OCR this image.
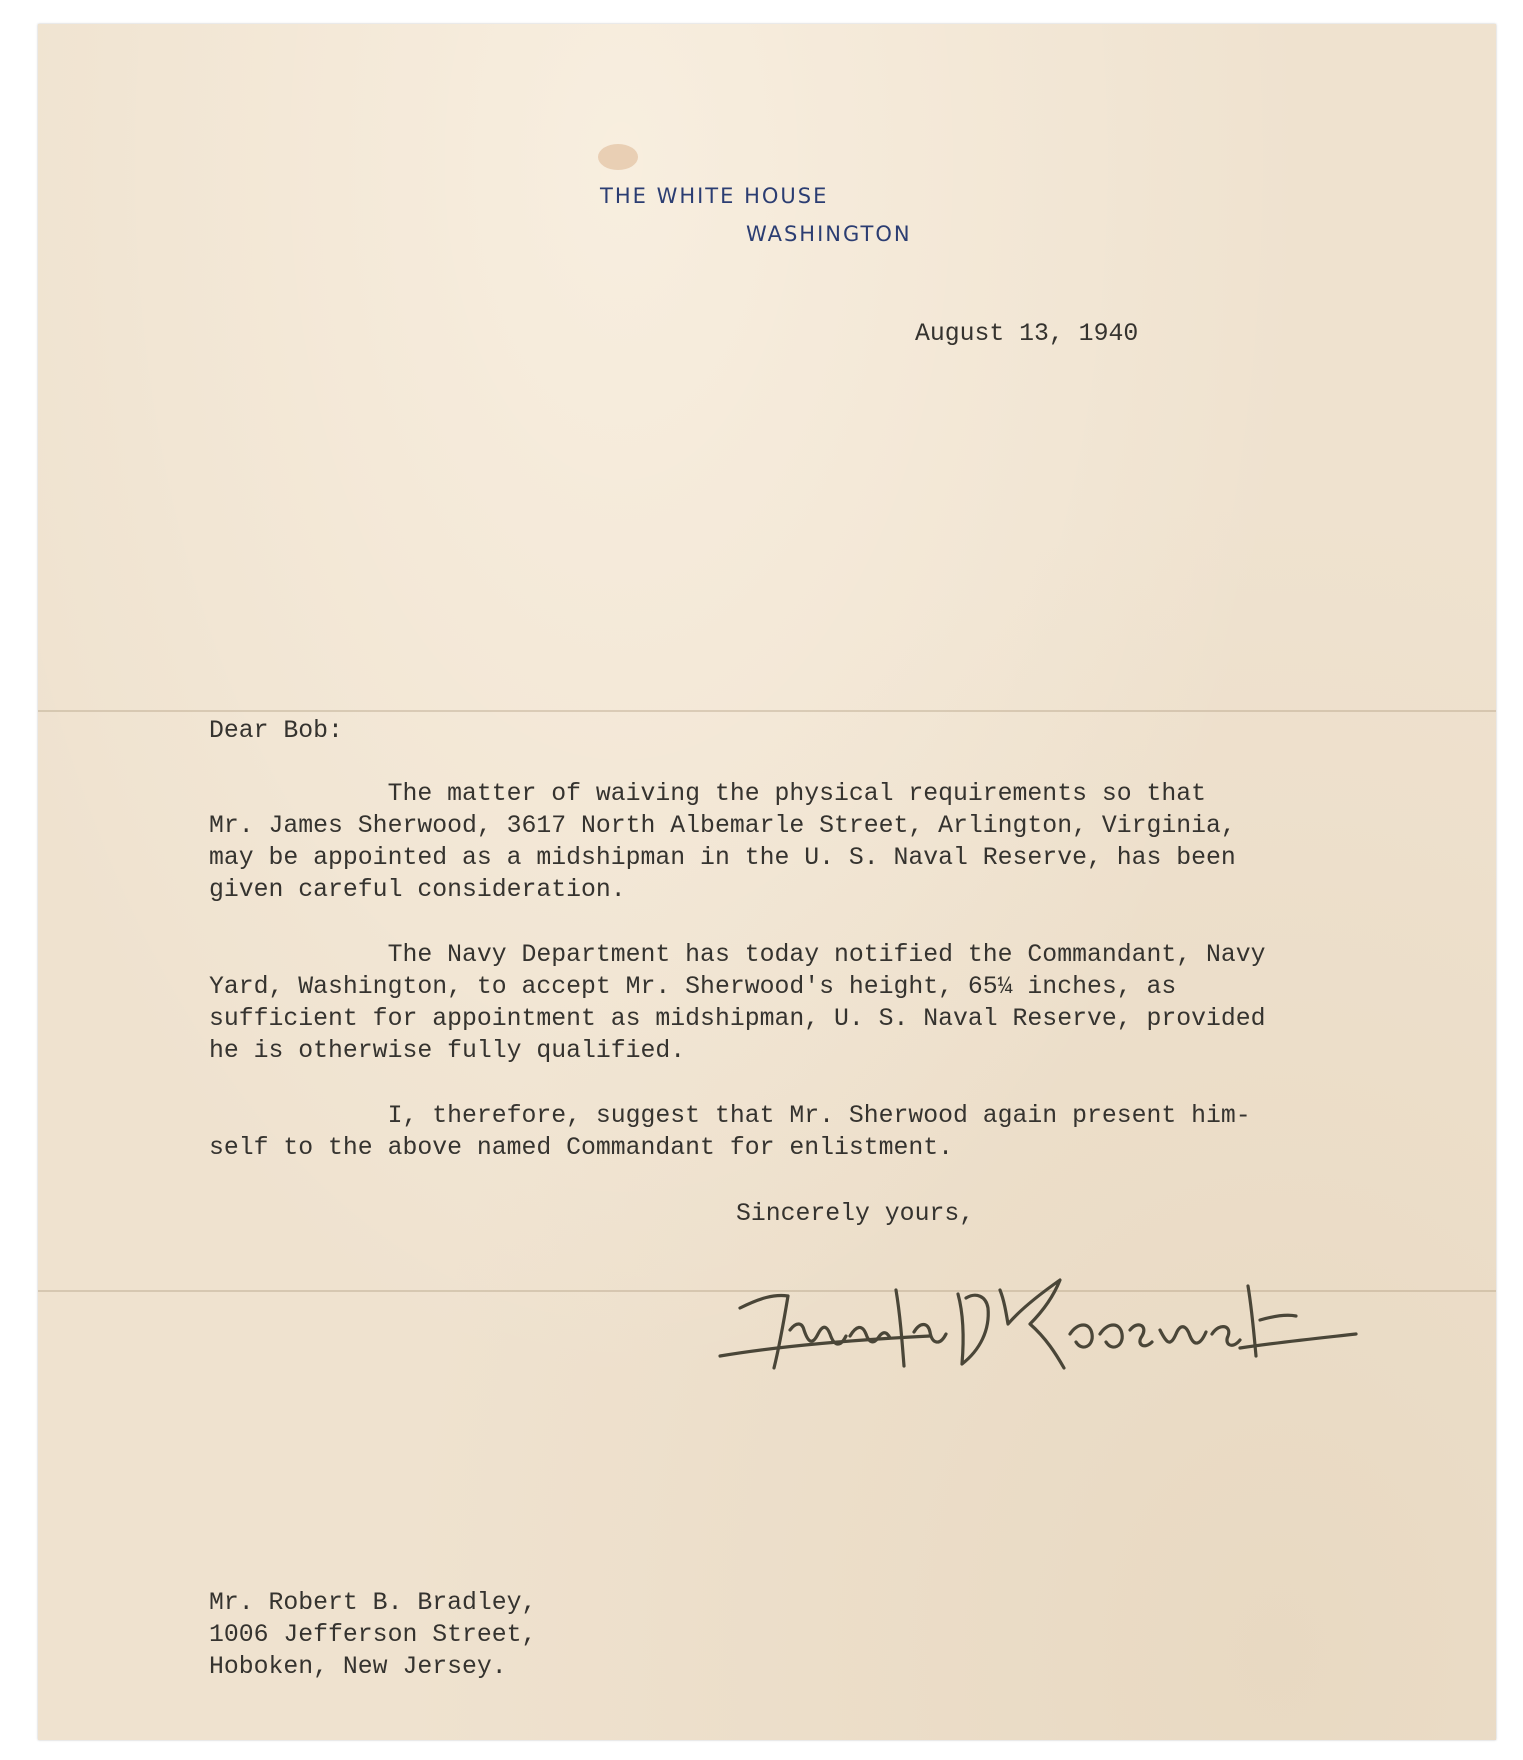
THE WHITE HOUSE
WASHINGTON
August 13, 1940
Dear Bob:
The matter of waiving the physical requirements so that
Mr. James Sherwood, 3617 North Albemarle Street, Arlington, Virginia,
may be appointed as a midshipman in the U. S. Naval Reserve, has been
given careful consideration.
The Navy Department has today notified the Commandant, Navy
Yard, Washington, to accept Mr. Sherwood's height, 65¼ inches, as
sufficient for appointment as midshipman, U. S. Naval Reserve, provided
he is otherwise fully qualified.
I, therefore, suggest that Mr. Sherwood again present him-
self to the above named Commandant for enlistment.
Sincerely yours,
Mr. Robert B. Bradley,
1006 Jefferson Street,
Hoboken, New Jersey.
